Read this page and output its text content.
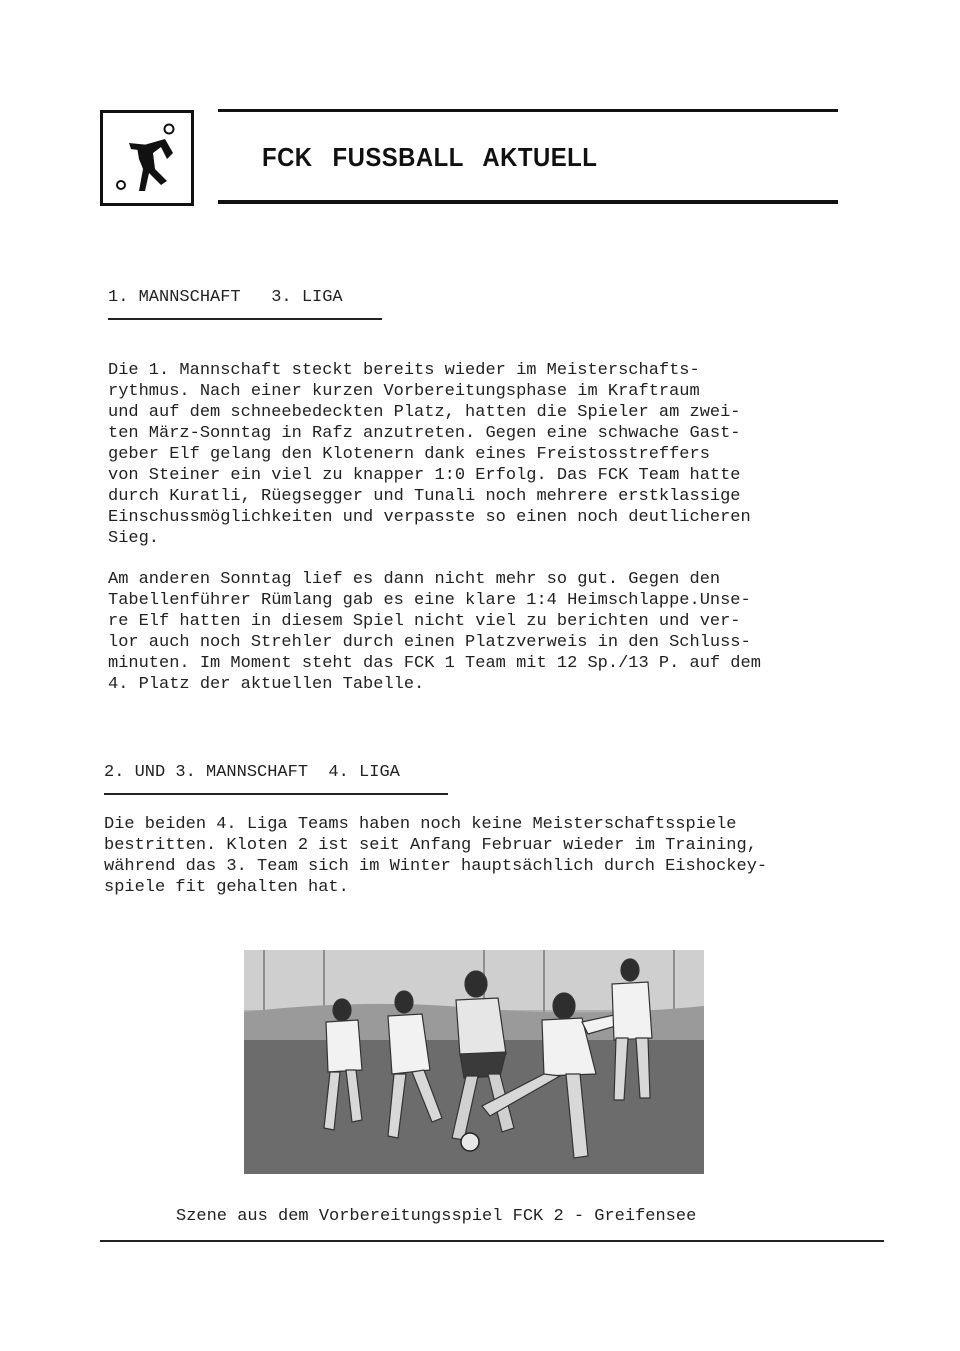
FCK FUSSBALL AKTUELL
1. MANNSCHAFT   3. LIGA
Die 1. Mannschaft steckt bereits wieder im Meisterschafts-
rythmus. Nach einer kurzen Vorbereitungsphase im Kraftraum
und auf dem schneebedeckten Platz, hatten die Spieler am zwei-
ten März-Sonntag in Rafz anzutreten. Gegen eine schwache Gast-
geber Elf gelang den Klotenern dank eines Freistosstreffers
von Steiner ein viel zu knapper 1:0 Erfolg. Das FCK Team hatte
durch Kuratli, Rüegsegger und Tunali noch mehrere erstklassige
Einschussmöglichkeiten und verpasste so einen noch deutlicheren
Sieg.
Am anderen Sonntag lief es dann nicht mehr so gut. Gegen den
Tabellenführer Rümlang gab es eine klare 1:4 Heimschlappe.Unse-
re Elf hatten in diesem Spiel nicht viel zu berichten und ver-
lor auch noch Strehler durch einen Platzverweis in den Schluss-
minuten. Im Moment steht das FCK 1 Team mit 12 Sp./13 P. auf dem
4. Platz der aktuellen Tabelle.
2. UND 3. MANNSCHAFT  4. LIGA
Die beiden 4. Liga Teams haben noch keine Meisterschaftsspiele
bestritten. Kloten 2 ist seit Anfang Februar wieder im Training,
während das 3. Team sich im Winter hauptsächlich durch Eishockey-
spiele fit gehalten hat.
Szene aus dem Vorbereitungsspiel FCK 2 - Greifensee
